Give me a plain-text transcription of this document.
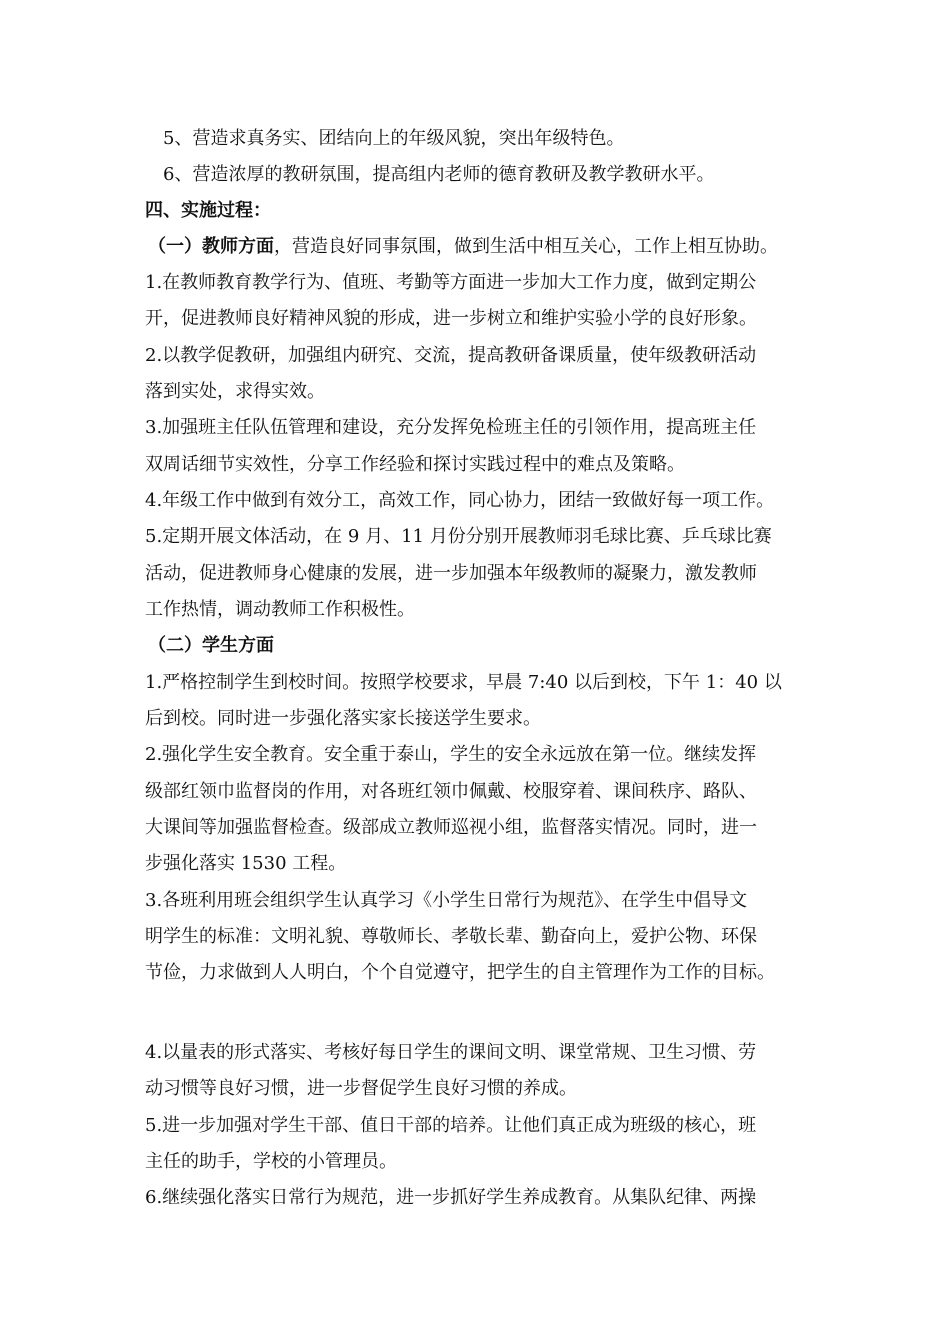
5、营造求真务实、团结向上的年级风貌，突出年级特色。
6、营造浓厚的教研氛围，提高组内老师的德育教研及教学教研水平。
四、实施过程：
（一）教师方面，营造良好同事氛围，做到生活中相互关心，工作上相互协助。
1.在教师教育教学行为、值班、考勤等方面进一步加大工作力度，做到定期公
开，促进教师良好精神风貌的形成，进一步树立和维护实验小学的良好形象。
2.以教学促教研，加强组内研究、交流，提高教研备课质量，使年级教研活动
落到实处，求得实效。
3.加强班主任队伍管理和建设，充分发挥免检班主任的引领作用，提高班主任
双周话细节实效性，分享工作经验和探讨实践过程中的难点及策略。
4.年级工作中做到有效分工，高效工作，同心协力，团结一致做好每一项工作。
5.定期开展文体活动，在 9 月、11 月份分别开展教师羽毛球比赛、乒乓球比赛
活动，促进教师身心健康的发展，进一步加强本年级教师的凝聚力，激发教师
工作热情，调动教师工作积极性。
（二）学生方面
1.严格控制学生到校时间。按照学校要求，早晨 7:40 以后到校，下午 1：40 以
后到校。同时进一步强化落实家长接送学生要求。
2.强化学生安全教育。安全重于泰山，学生的安全永远放在第一位。继续发挥
级部红领巾监督岗的作用，对各班红领巾佩戴、校服穿着、课间秩序、路队、
大课间等加强监督检查。级部成立教师巡视小组，监督落实情况。同时，进一
步强化落实 1530 工程。
3.各班利用班会组织学生认真学习《小学生日常行为规范》、在学生中倡导文
明学生的标准：文明礼貌、尊敬师长、孝敬长辈、勤奋向上，爱护公物、环保
节俭，力求做到人人明白，个个自觉遵守，把学生的自主管理作为工作的目标。
4.以量表的形式落实、考核好每日学生的课间文明、课堂常规、卫生习惯、劳
动习惯等良好习惯，进一步督促学生良好习惯的养成。
5.进一步加强对学生干部、值日干部的培养。让他们真正成为班级的核心，班
主任的助手，学校的小管理员。
6.继续强化落实日常行为规范，进一步抓好学生养成教育。从集队纪律、两操
